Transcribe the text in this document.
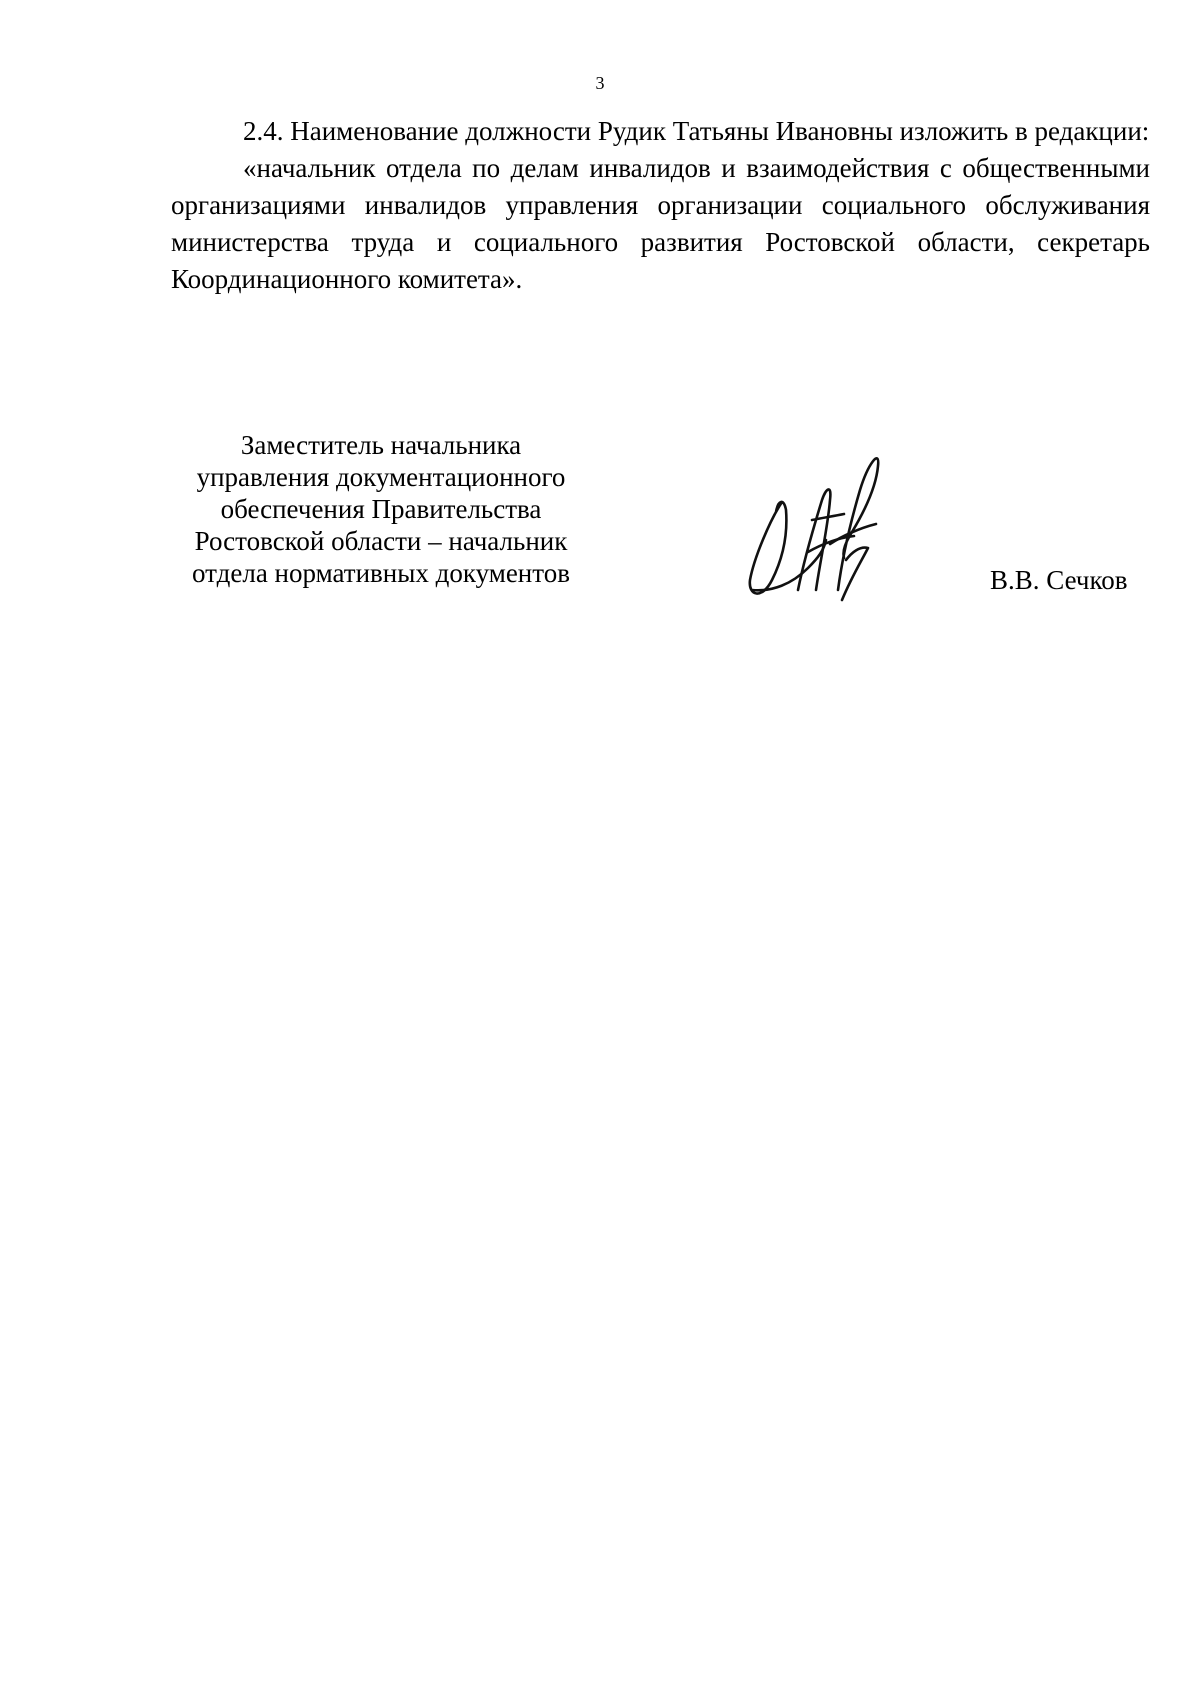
3

2.4. Наименование должности Рудик Татьяны Ивановны изложить в редакции:

«начальник отдела по делам инвалидов и взаимодействия с общественными организациями инвалидов управления организации социального обслуживания министерства труда и социального развития Ростовской области, секретарь Координационного комитета».

Заместитель начальника
управления документационного
обеспечения Правительства
Ростовской области – начальник
отдела нормативных документов	В.В. Сечков
